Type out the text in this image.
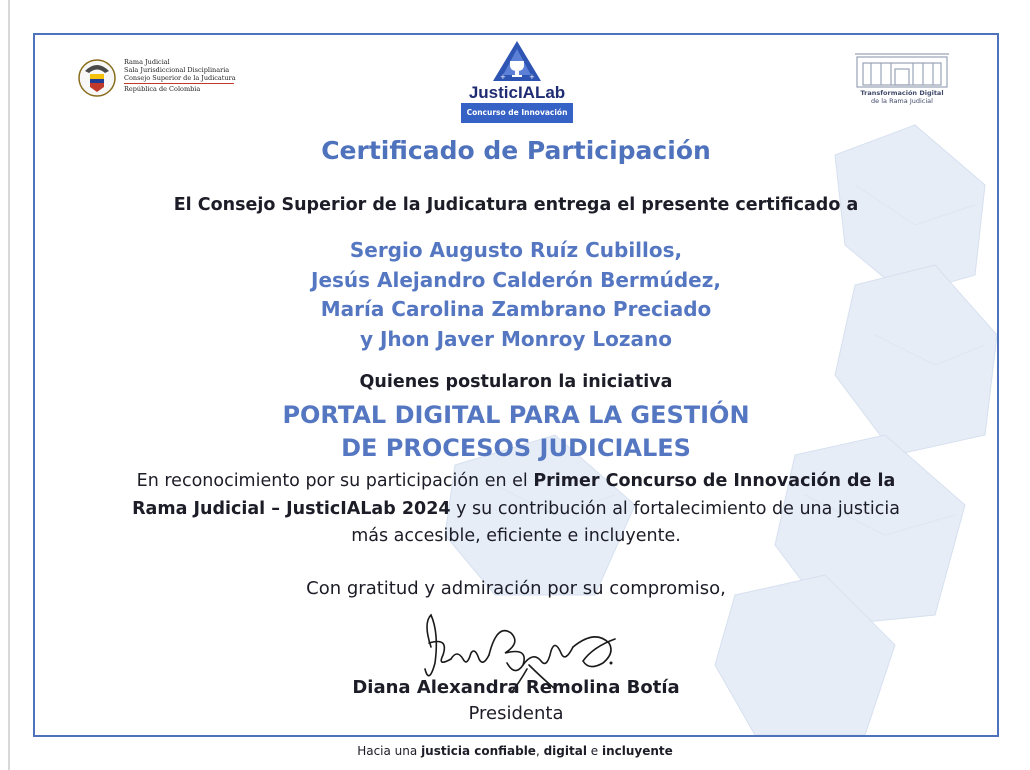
Rama Judicial
Sala Jurisdiccional Disciplinaria
Consejo Superior de la Judicatura
República de Colombia
+	+
JusticIALab
Concurso de Innovación
Transformación Digital
de la Rama Judicial
Certificado de Participación
El Consejo Superior de la Judicatura entrega el presente certificado a
Sergio Augusto Ruíz Cubillos,
Jesús Alejandro Calderón Bermúdez,
María Carolina Zambrano Preciado
y Jhon Javer Monroy Lozano
Quienes postularon la iniciativa
PORTAL DIGITAL PARA LA GESTIÓN
DE PROCESOS JUDICIALES
En reconocimiento por su participación en el Primer Concurso de Innovación de la
Rama Judicial – JusticIALab 2024 y su contribución al fortalecimiento de una justicia
más accesible, eficiente e incluyente.
Con gratitud y admiración por su compromiso,
Diana Alexandra Remolina Botía
Presidenta
Hacia una justicia confiable, digital e incluyente
